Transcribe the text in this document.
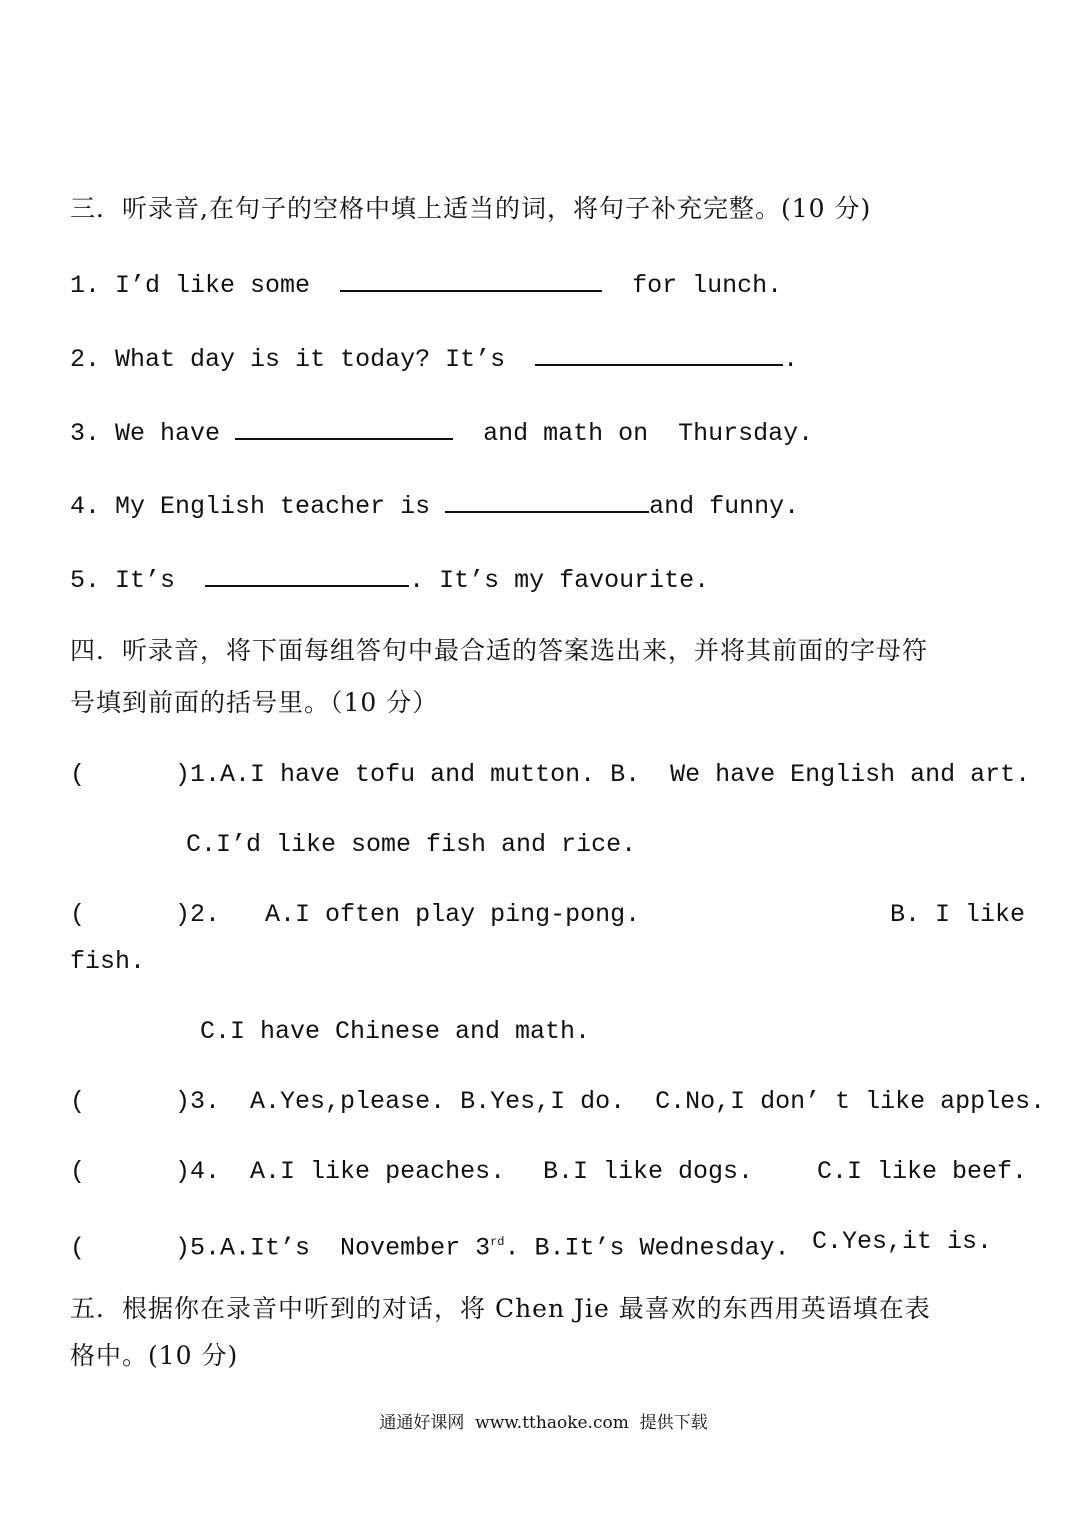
三．听录音,在句子的空格中填上适当的词，将句子补充完整。(10 分)
1. I’d like some	for lunch.
2. What day is it today? It’s	.
3. We have	and math on  Thursday.
4. My English teacher is	and funny.
5. It’s	. It’s my favourite.
四．听录音，将下面每组答句中最合适的答案选出来，并将其前面的字母符
号填到前面的括号里。（10 分）
(      )1.A.I have tofu and mutton. B.  We have English and art.
C.I’d like some fish and rice.
(      )2.   A.I often play ping-pong.	B. I like
fish.
C.I have Chinese and math.
(      )3.  A.Yes,please. B.Yes,I do.  C.No,I don’ t like apples.
(      )4.  A.I like peaches. B.I like dogs.	C.I like beef.
(      )5.A.It’s  November 3rd. B.It’s Wednesday. C.Yes,it is.
五．根据你在录音中听到的对话，将 Chen Jie 最喜欢的东西用英语填在表
格中。(10 分)
通通好课网  www.tthaoke.com  提供下载
